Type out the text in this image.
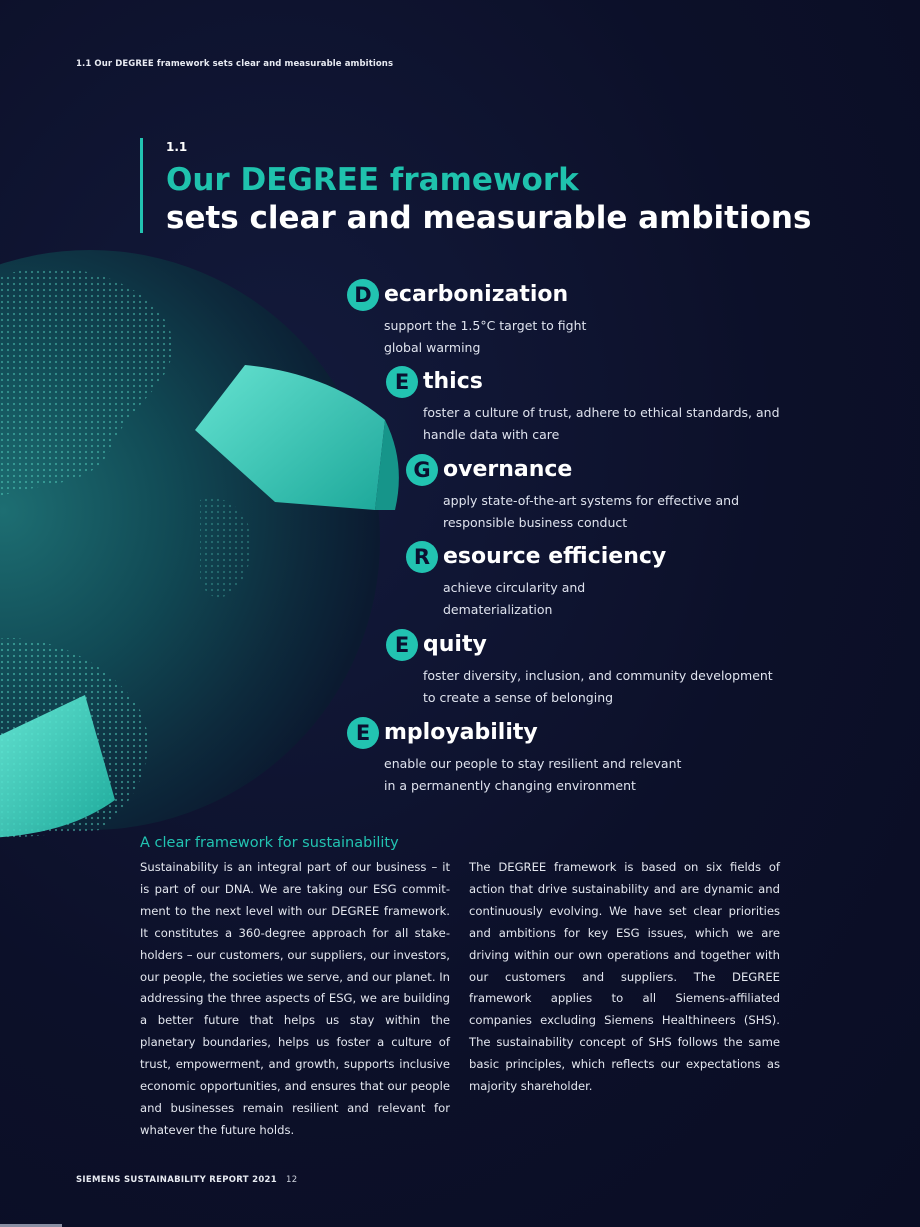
1.1 Our DEGREE framework sets clear and measurable ambitions
1.1
Our DEGREE framework
sets clear and measurable ambitions
D ecarbonization
support the 1.5°C target to fight
global warming
E thics
foster a culture of trust, adhere to ethical standards, and
handle data with care
G overnance
apply state-of-the-art systems for effective and
responsible business conduct
R esource efficiency
achieve circularity and
dematerialization
E quity
foster diversity, inclusion, and community development
to create a sense of belonging
E mployability
enable our people to stay resilient and relevant
in a permanently changing environment
A clear framework for sustainability
Sustainability is an integral part of our business – it is part of our DNA. We are taking our ESG commitment to the next level with our DEGREE framework. It constitutes a 360-degree approach for all stakeholders – our customers, our suppliers, our investors, our people, the societies we serve, and our planet. In addressing the three aspects of ESG, we are building a better future that helps us stay within the planetary boundaries, helps us foster a culture of trust, empowerment, and growth, supports inclusive economic opportunities, and ensures that our people and businesses remain resilient and relevant for whatever the future holds.
The DEGREE framework is based on six fields of action that drive sustainability and are dynamic and continuously evolving. We have set clear priorities and ambitions for key ESG issues, which we are driving within our own operations and together with our customers and suppliers. The DEGREE framework applies to all Siemens-affiliated companies excluding Siemens Healthineers (SHS). The sustainability concept of SHS follows the same basic principles, which reflects our expectations as majority shareholder.
SIEMENS SUSTAINABILITY REPORT 2021 12
